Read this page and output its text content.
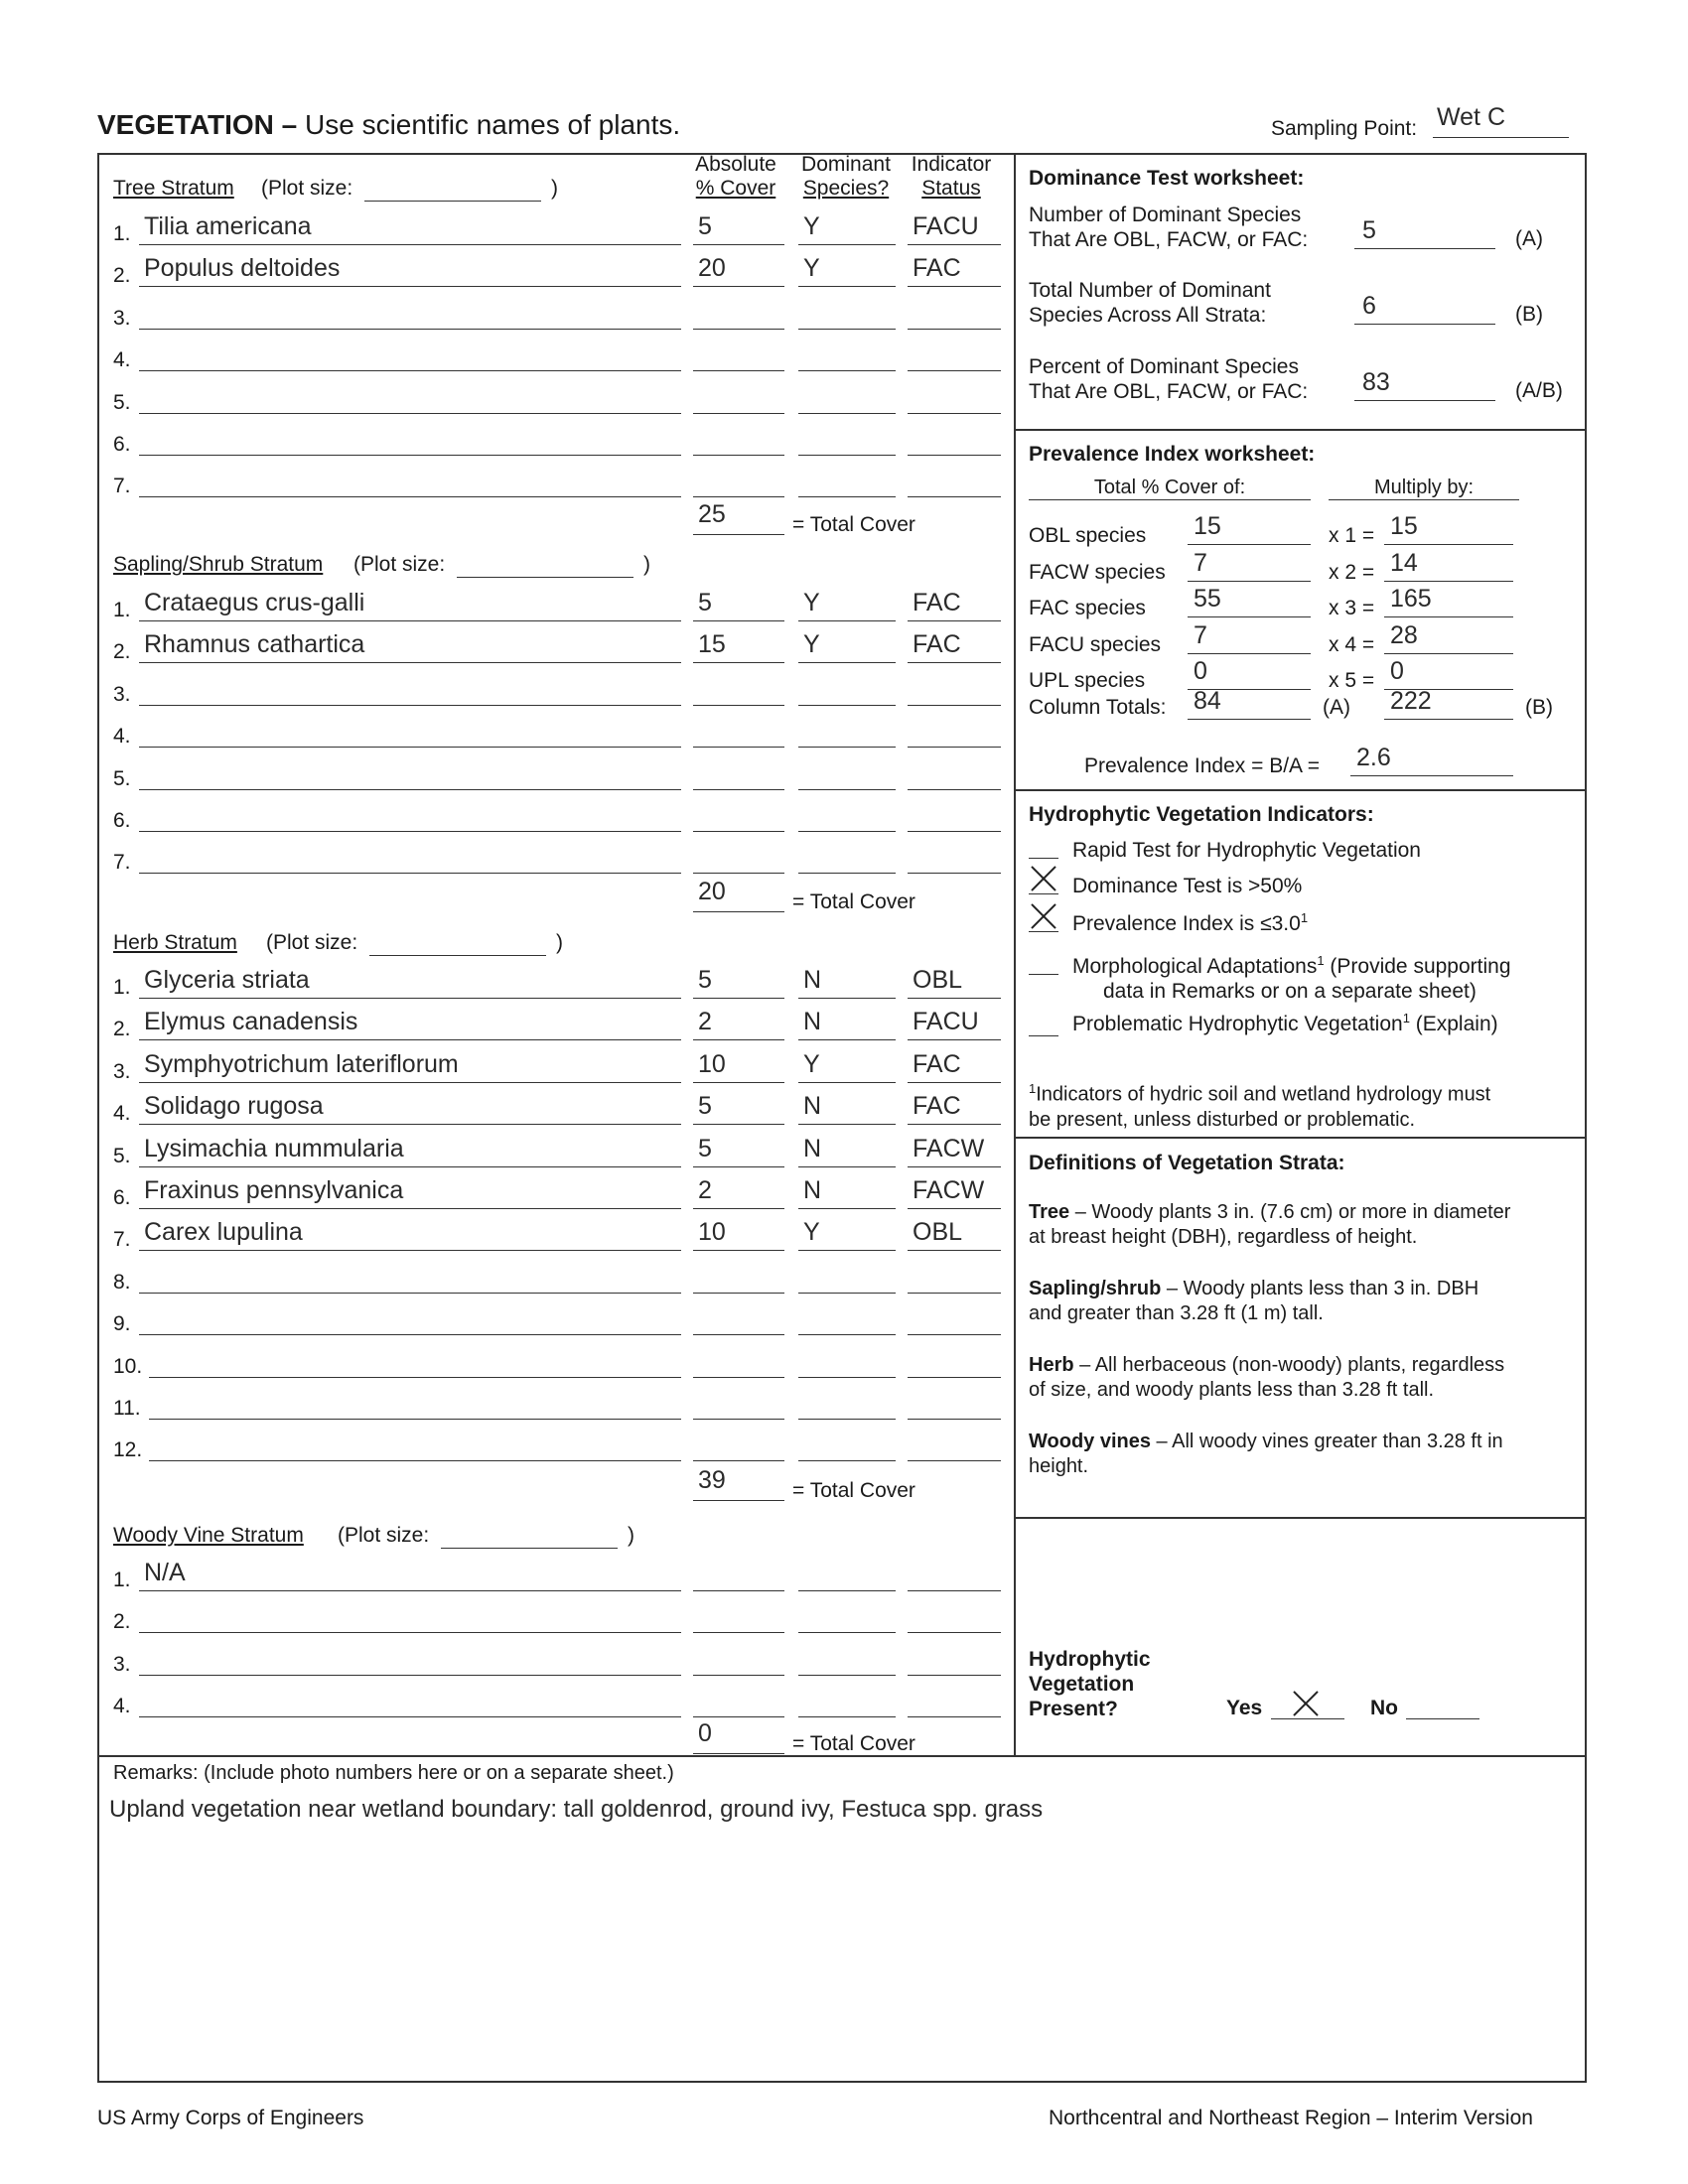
VEGETATION – Use scientific names of plants.	Sampling Point: Wet C
Absolute
% Cover
Dominant
Species?
Indicator
Status
Tree Stratum (Plot size:	)
1. Tilia americana	5	Y	FACU
2. Populus deltoides	20	Y	FAC
3.
4.
5.
6.
7.
25	= Total Cover
Sapling/Shrub Stratum (Plot size:	)
1. Crataegus crus-galli	5	Y	FAC
2. Rhamnus cathartica	15	Y	FAC
3.
4.
5.
6.
7.
20	= Total Cover
Herb Stratum (Plot size:	)
1. Glyceria striata	5	N	OBL
2. Elymus canadensis	2	N	FACU
3. Symphyotrichum lateriflorum	10	Y	FAC
4. Solidago rugosa	5	N	FAC
5. Lysimachia nummularia	5	N	FACW
6. Fraxinus pennsylvanica	2	N	FACW
7. Carex lupulina	10	Y	OBL
8.
9.
10.
11.
12.
39	= Total Cover
Woody Vine Stratum (Plot size:	)
1. N/A
2.
3.
4.
0	= Total Cover
Dominance Test worksheet:
Number of Dominant Species
That Are OBL, FACW, or FAC: 5	(A)
Total Number of Dominant
Species Across All Strata:	6	(B)
Percent of Dominant Species
That Are OBL, FACW, or FAC: 83	(A/B)
Prevalence Index worksheet:
Total % Cover of:	Multiply by:
OBL species 15	x 1 = 15
FACW species 7	x 2 = 14
FAC species 55	x 3 = 165
FACU species 7	x 4 = 28
UPL species 0	x 5 = 0
Column Totals: 84	(A) 222	(B)
Prevalence Index = B/A = 2.6
Hydrophytic Vegetation Indicators:
Rapid Test for Hydrophytic Vegetation
Dominance Test is >50%
Prevalence Index is $\le 3.0^1$
Morphological Adaptations$^1$ (Provide supporting
data in Remarks or on a separate sheet)
Problematic Hydrophytic Vegetation$^1$ (Explain)
$^1$Indicators of hydric soil and wetland hydrology must
be present, unless disturbed or problematic.
Definitions of Vegetation Strata:
Tree – Woody plants 3 in. (7.6 cm) or more in diameter
at breast height (DBH), regardless of height.
Sapling/shrub – Woody plants less than 3 in. DBH
and greater than 3.28 ft (1 m) tall.
Herb – All herbaceous (non-woody) plants, regardless
of size, and woody plants less than 3.28 ft tall.
Woody vines – All woody vines greater than 3.28 ft in
height.
Hydrophytic
Vegetation
Present?	Yes	No
Remarks: (Include photo numbers here or on a separate sheet.)
Upland vegetation near wetland boundary: tall goldenrod, ground ivy, Festuca spp. grass
US Army Corps of Engineers	Northcentral and Northeast Region – Interim Version
